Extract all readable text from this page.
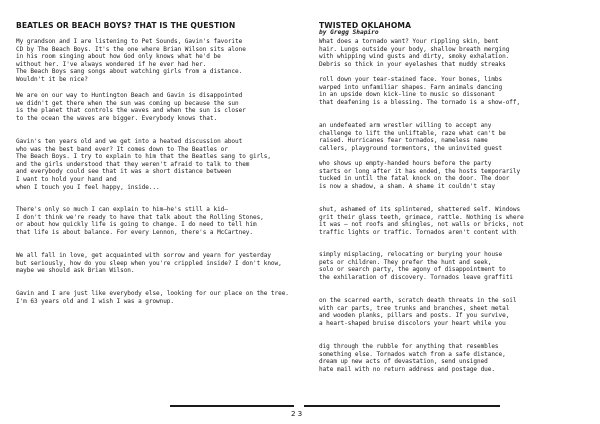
BEATLES OR BEACH BOYS? THAT IS THE QUESTION

My grandson and I are listening to Pet Sounds, Gavin's favorite
CD by The Beach Boys. It's the one where Brian Wilson sits alone
in his room singing about how God only knows what he'd be
without her. I've always wondered if he ever had her.
The Beach Boys sang songs about watching girls from a distance.
Wouldn't it be nice?

We are on our way to Huntington Beach and Gavin is disappointed
we didn't get there when the sun was coming up because the sun
is the planet that controls the waves and when the sun is closer
to the ocean the waves are bigger. Everybody knows that.

Gavin's ten years old and we get into a heated discussion about
who was the best band ever? It comes down to The Beatles or
The Beach Boys. I try to explain to him that the Beatles sang to girls,
and the girls understood that they weren't afraid to talk to them
and everybody could see that it was a short distance between
I want to hold your hand and
when I touch you I feel happy, inside...

There's only so much I can explain to him—he's still a kid—
I don't think we're ready to have that talk about the Rolling Stones,
or about how quickly life is going to change. I do need to tell him
that life is about balance. For every Lennon, there's a McCartney.

We all fall in love, get acquainted with sorrow and yearn for yesterday
but seriously, how do you sleep when you're crippled inside? I don't know,
maybe we should ask Brian Wilson.

Gavin and I are just like everybody else, looking for our place on the tree.
I'm 63 years old and I wish I was a grownup.

TWISTED OKLAHOMA

by Gregg Shapiro

What does a tornado want? Your rippling skin, bent
hair. Lungs outside your body, shallow breath merging
with whipping wind gusts and dirty, smoky exhalation.
Debris so thick in your eyelashes that muddy streaks

roll down your tear-stained face. Your bones, limbs
warped into unfamiliar shapes. Farm animals dancing
in an upside down kick-line to music so dissonant
that deafening is a blessing. The tornado is a show-off,

an undefeated arm wrestler willing to accept any
challenge to lift the unliftable, raze what can't be
raised. Hurricanes fear tornados, nameless name
callers, playground tormentors, the uninvited guest

who shows up empty-handed hours before the party
starts or long after it has ended, the hosts temporarily
tucked in until the fatal knock on the door. The door
is now a shadow, a sham. A shame it couldn't stay

shut, ashamed of its splintered, shattered self. Windows
grit their glass teeth, grimace, rattle. Nothing is where
it was – not roofs and shingles, not walls or bricks, not
traffic lights or traffic. Tornados aren't content with

simply misplacing, relocating or burying your house
pets or children. They prefer the hunt and seek,
solo or search party, the agony of disappointment to
the exhilaration of discovery. Tornados leave graffiti

on the scarred earth, scratch death threats in the soil
with car parts, tree trunks and branches, sheet metal
and wooden planks, pillars and posts. If you survive,
a heart-shaped bruise discolors your heart while you

dig through the rubble for anything that resembles
something else. Tornados watch from a safe distance,
dream up new acts of devastation, send unsigned
hate mail with no return address and postage due.

23
